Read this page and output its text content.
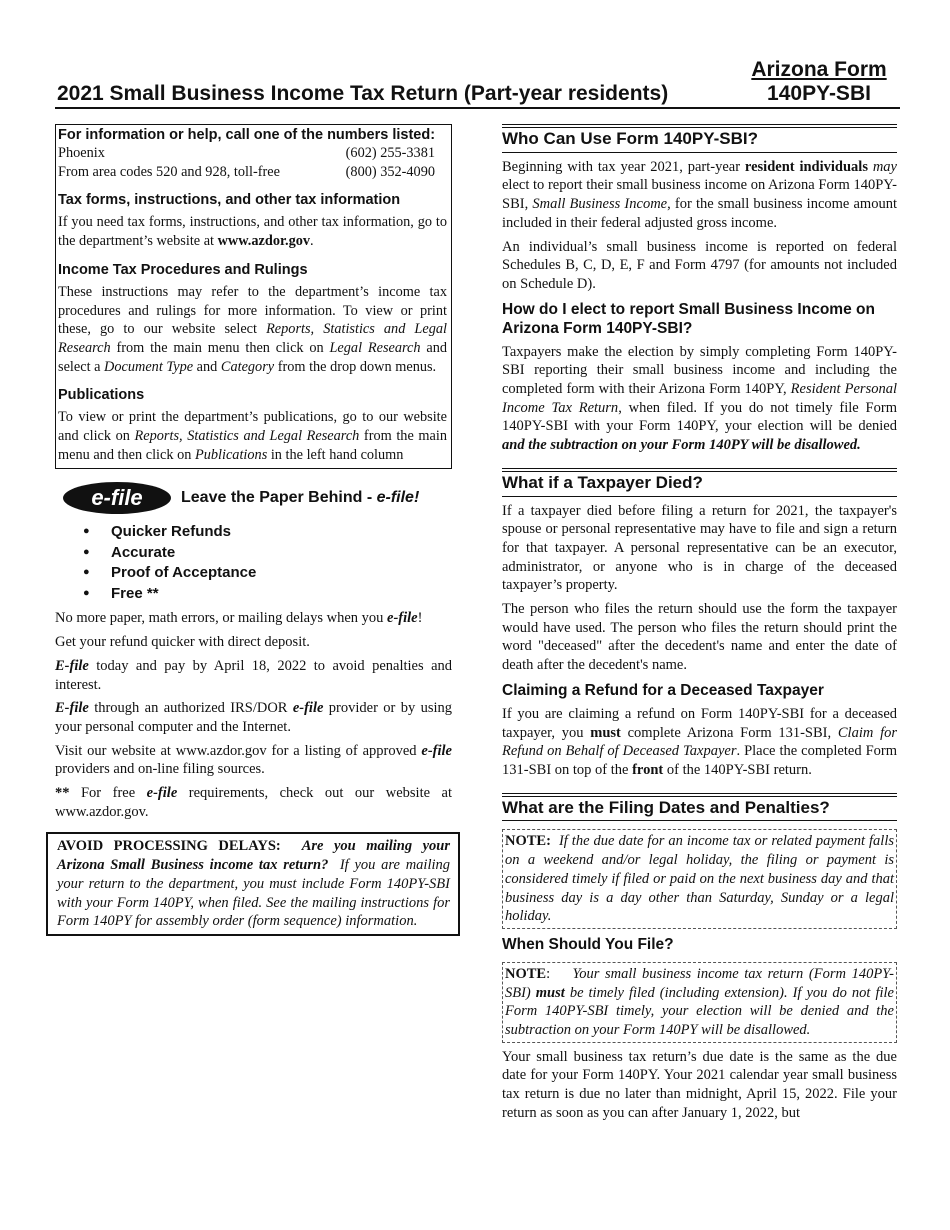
2021 Small Business Income Tax Return (Part-year residents)
Arizona Form
140PY-SBI
For information or help, call one of the numbers listed:
Phoenix	(602) 255-3381
From area codes 520 and 928, toll-free	(800) 352-4090
Tax forms, instructions, and other tax information

If you need tax forms, instructions, and other tax information, go to the department’s website at www.azdor.gov.

Income Tax Procedures and Rulings

These instructions may refer to the department’s income tax procedures and rulings for more information. To view or print these, go to our website select Reports, Statistics and Legal Research from the main menu then click on Legal Research and select a Document Type and Category from the drop down menus.

Publications

To view or print the department’s publications, go to our website and click on Reports, Statistics and Legal Research from the main menu and then click on Publications in the left hand column

e-file	Leave the Paper Behind - e-file!
● Quicker Refunds
● Accurate
● Proof of Acceptance
● Free **

No more paper, math errors, or mailing delays when you e-file!

Get your refund quicker with direct deposit.

E-file today and pay by April 18, 2022 to avoid penalties and interest.

E-file through an authorized IRS/DOR e-file provider or by using your personal computer and the Internet.

Visit our website at www.azdor.gov for a listing of approved e-file providers and on-line filing sources.

** For free e-file requirements, check out our website at www.azdor.gov.

AVOID PROCESSING DELAYS: Are you mailing your Arizona Small Business income tax return? If you are mailing your return to the department, you must include Form 140PY-SBI with your Form 140PY, when filed. See the mailing instructions for Form 140PY for assembly order (form sequence) information.
Who Can Use Form 140PY-SBI?

Beginning with tax year 2021, part-year resident individuals may elect to report their small business income on Arizona Form 140PY-SBI, Small Business Income, for the small business income amount included in their federal adjusted gross income.

An individual’s small business income is reported on federal Schedules B, C, D, E, F and Form 4797 (for amounts not included on Schedule D).

How do I elect to report Small Business Income on Arizona Form 140PY-SBI?

Taxpayers make the election by simply completing Form 140PY-SBI reporting their small business income and including the completed form with their Arizona Form 140PY, Resident Personal Income Tax Return, when filed. If you do not timely file Form 140PY-SBI with your Form 140PY, your election will be denied and the subtraction on your Form 140PY will be disallowed.

What if a Taxpayer Died?

If a taxpayer died before filing a return for 2021, the taxpayer's spouse or personal representative may have to file and sign a return for that taxpayer. A personal representative can be an executor, administrator, or anyone who is in charge of the deceased taxpayer’s property.

The person who files the return should use the form the taxpayer would have used. The person who files the return should print the word "deceased" after the decedent's name and enter the date of death after the decedent's name.

Claiming a Refund for a Deceased Taxpayer

If you are claiming a refund on Form 140PY-SBI for a deceased taxpayer, you must complete Arizona Form 131-SBI, Claim for Refund on Behalf of Deceased Taxpayer. Place the completed Form 131-SBI on top of the front of the 140PY-SBI return.

What are the Filing Dates and Penalties?
NOTE: If the due date for an income tax or related payment falls on a weekend and/or legal holiday, the filing or payment is considered timely if filed or paid on the next business day and that business day is a day other than Saturday, Sunday or a legal holiday.
When Should You File?
NOTE: Your small business income tax return (Form 140PY-SBI) must be timely filed (including extension). If you do not file Form 140PY-SBI timely, your election will be denied and the subtraction on your Form 140PY will be disallowed.

Your small business tax return’s due date is the same as the due date for your Form 140PY. Your 2021 calendar year small business tax return is due no later than midnight, April 15, 2022. File your return as soon as you can after January 1, 2022, but
